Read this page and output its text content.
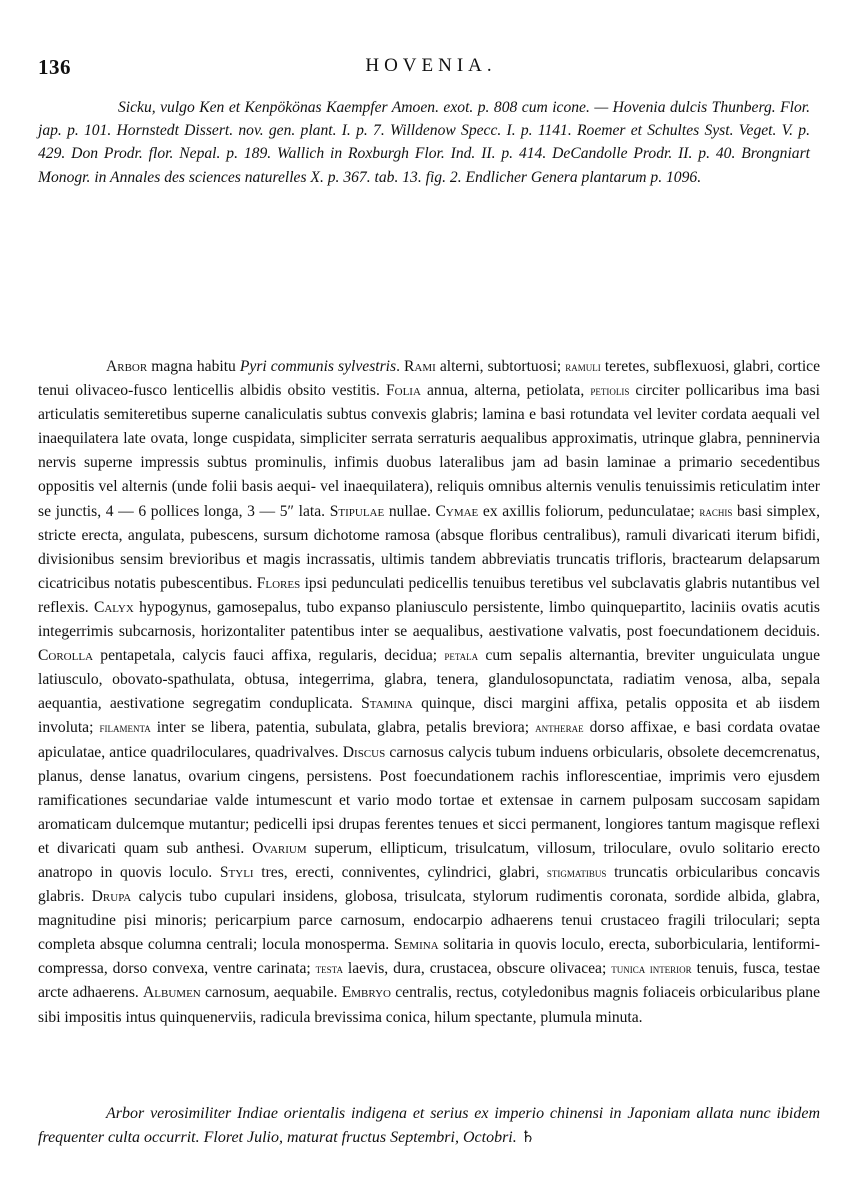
136	HOVENIA.

Sicku, vulgo Ken et Kenpökönas Kaempfer Amoen. exot. p. 808 cum icone. — Hovenia dulcis Thunberg. Flor. jap. p. 101. Hornstedt Dissert. nov. gen. plant. I. p. 7. Willdenow Specc. I. p. 1141. Roemer et Schultes Syst. Veget. V. p. 429. Don Prodr. flor. Nepal. p. 189. Wallich in Roxburgh Flor. Ind. II. p. 414. DeCandolle Prodr. II. p. 40. Brongniart Monogr. in Annales des sciences naturelles X. p. 367. tab. 13. fig. 2. Endlicher Genera plantarum p. 1096.

Arbor magna habitu Pyri communis sylvestris. Rami alterni, subtortuosi; ramuli teretes, subflexuosi, glabri, cortice tenui olivaceo-fusco lenticellis albidis obsito vestitis. Folia annua, alterna, petiolata, petiolis circiter pollicaribus ima basi articulatis semiteretibus superne canaliculatis subtus convexis glabris; lamina e basi rotundata vel leviter cordata aequali vel inaequilatera late ovata, longe cuspidata, simpliciter serrata serraturis aequalibus approximatis, utrinque glabra, penninervia nervis superne impressis subtus prominulis, infimis duobus lateralibus jam ad basin laminae a primario secedentibus oppositis vel alternis (unde folii basis aequi- vel inaequilatera), reliquis omnibus alternis venulis tenuissimis reticulatim inter se junctis, 4 — 6 pollices longa, 3 — 5″ lata. Stipulae nullae. Cymae ex axillis foliorum, pedunculatae; rachis basi simplex, stricte erecta, angulata, pubescens, sursum dichotome ramosa (absque floribus centralibus), ramuli divaricati iterum bifidi, divisionibus sensim brevioribus et magis incrassatis, ultimis tandem abbreviatis truncatis trifloris, bractearum delapsarum cicatricibus notatis pubescentibus. Flores ipsi pedunculati pedicellis tenuibus teretibus vel subclavatis glabris nutantibus vel reflexis. Calyx hypogynus, gamosepalus, tubo expanso planiusculo persistente, limbo quinquepartito, laciniis ovatis acutis integerrimis subcarnosis, horizontaliter patentibus inter se aequalibus, aestivatione valvatis, post foecundationem deciduis. Corolla pentapetala, calycis fauci affixa, regularis, decidua; petala cum sepalis alternantia, breviter unguiculata ungue latiusculo, obovato-spathulata, obtusa, integerrima, glabra, tenera, glandulosopunctata, radiatim venosa, alba, sepala aequantia, aestivatione segregatim conduplicata. Stamina quinque, disci margini affixa, petalis opposita et ab iisdem involuta; filamenta inter se libera, patentia, subulata, glabra, petalis breviora; antherae dorso affixae, e basi cordata ovatae apiculatae, antice quadriloculares, quadrivalves. Discus carnosus calycis tubum induens orbicularis, obsolete decemcrenatus, planus, dense lanatus, ovarium cingens, persistens. Post foecundationem rachis inflorescentiae, imprimis vero ejusdem ramificationes secundariae valde intumescunt et vario modo tortae et extensae in carnem pulposam succosam sapidam aromaticam dulcemque mutantur; pedicelli ipsi drupas ferentes tenues et sicci permanent, longiores tantum magisque reflexi et divaricati quam sub anthesi. Ovarium superum, ellipticum, trisulcatum, villosum, triloculare, ovulo solitario erecto anatropo in quovis loculo. Styli tres, erecti, conniventes, cylindrici, glabri, stigmatibus truncatis orbicularibus concavis glabris. Drupa calycis tubo cupulari insidens, globosa, trisulcata, stylorum rudimentis coronata, sordide albida, glabra, magnitudine pisi minoris; pericarpium parce carnosum, endocarpio adhaerens tenui crustaceo fragili triloculari; septa completa absque columna centrali; locula monosperma. Semina solitaria in quovis loculo, erecta, suborbicularia, lentiformi-compressa, dorso convexa, ventre carinata; testa laevis, dura, crustacea, obscure olivacea; tunica interior tenuis, fusca, testae arcte adhaerens. Albumen carnosum, aequabile. Embryo centralis, rectus, cotyledonibus magnis foliaceis orbicularibus plane sibi impositis intus quinquenerviis, radicula brevissima conica, hilum spectante, plumula minuta.

Arbor verosimiliter Indiae orientalis indigena et serius ex imperio chinensi in Japoniam allata nunc ibidem frequenter culta occurrit. Floret Julio, maturat fructus Septembri, Octobri. ♄
